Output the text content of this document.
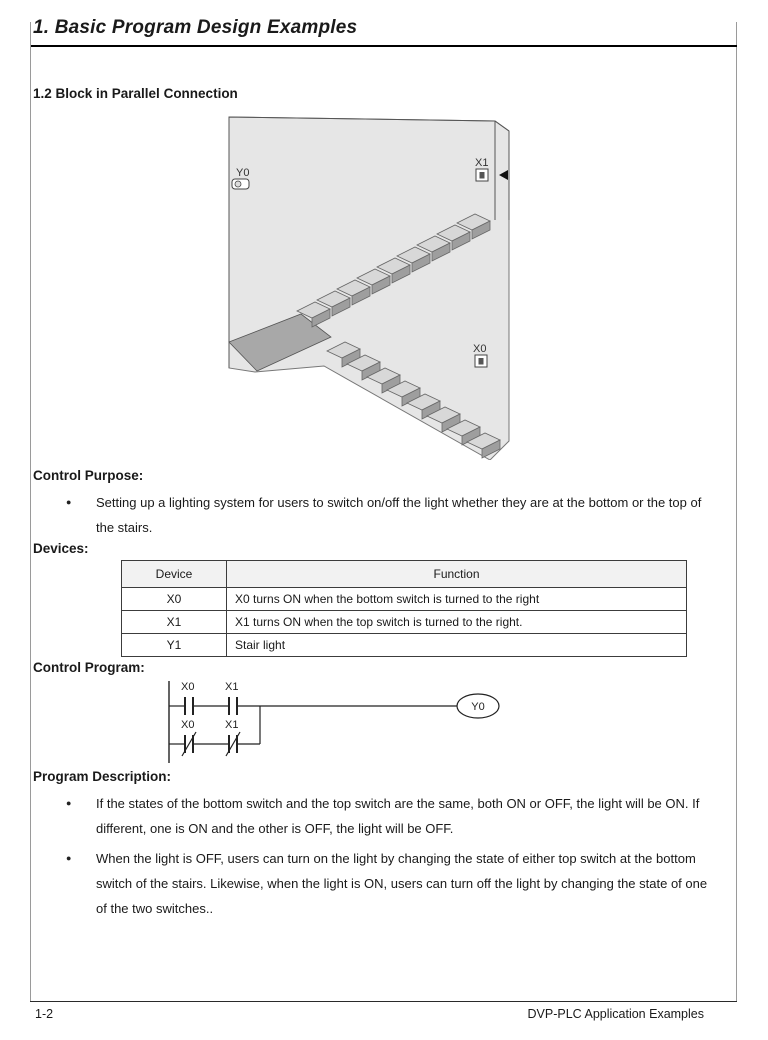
1. Basic Program Design Examples
1.2 Block in Parallel Connection
Y0
X1
X0
Control Purpose:
●	Setting up a lighting system for users to switch on/off the light whether they are at the bottom or the top of the stairs.
Devices:
Device	Function
X0	X0 turns ON when the bottom switch is turned to the right
X1	X1 turns ON when the top switch is turned to the right.
Y1	Stair light
Control Program:
X0	X1
Y0
X0	X1
Program Description:
●	If the states of the bottom switch and the top switch are the same, both ON or OFF, the light will be ON. If different, one is ON and the other is OFF, the light will be OFF.
●	When the light is OFF, users can turn on the light by changing the state of either top switch at the bottom switch of the stairs. Likewise, when the light is ON, users can turn off the light by changing the state of one of the two switches..
1-2	DVP-PLC Application Examples
